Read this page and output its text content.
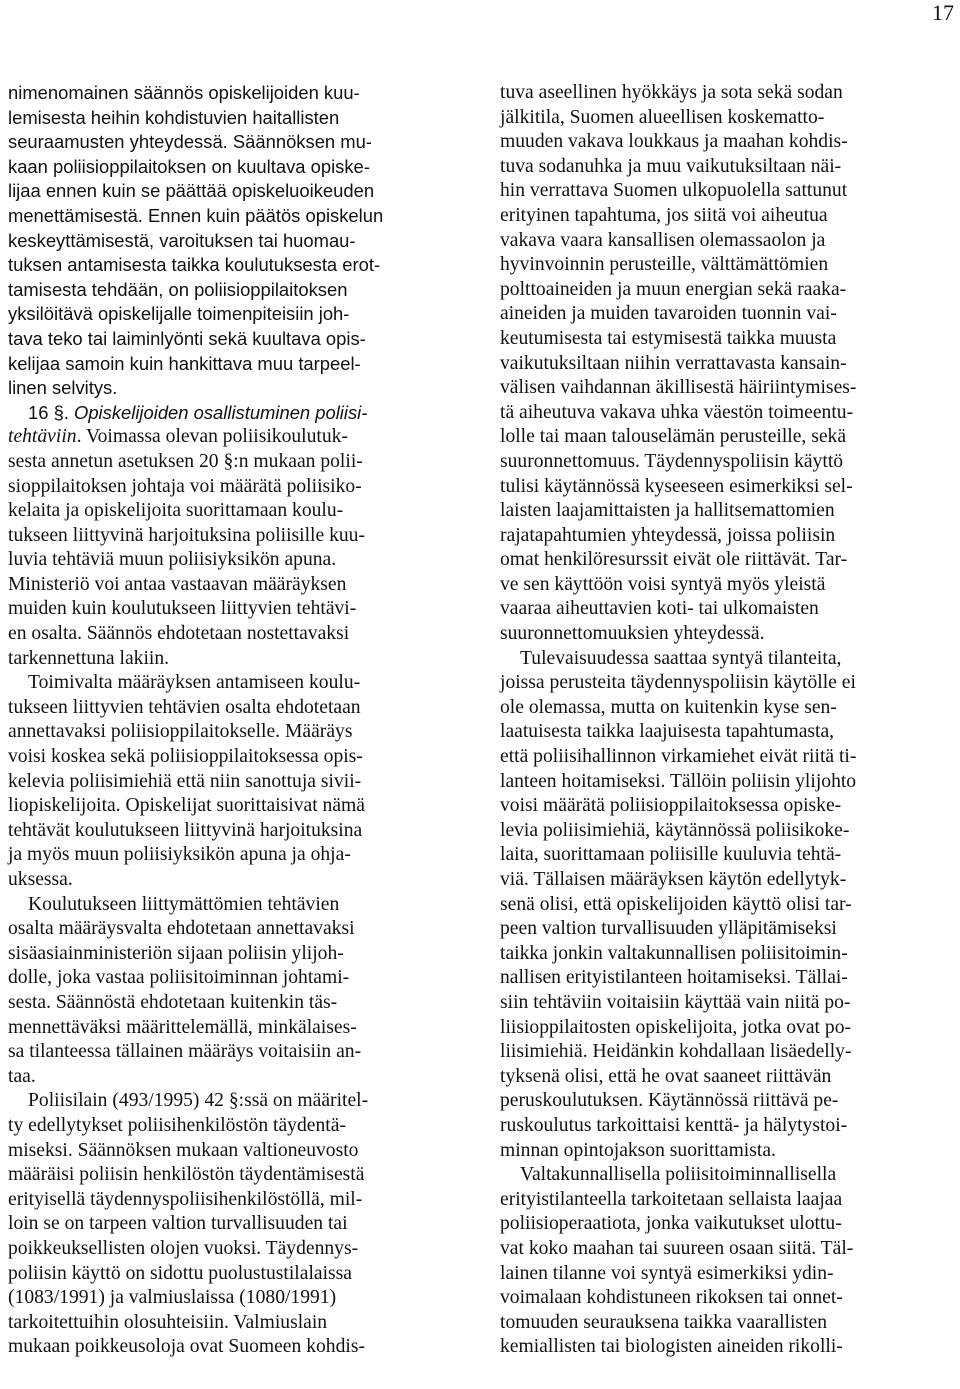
17
nimenomainen säännös opiskelijoiden kuu-
lemisesta heihin kohdistuvien haitallisten
seuraamusten yhteydessä. Säännöksen mu-
kaan poliisioppilaitoksen on kuultava opiske-
lijaa ennen kuin se päättää opiskeluoikeuden
menettämisestä. Ennen kuin päätös opiskelun
keskeyttämisestä, varoituksen tai huomau-
tuksen antamisesta taikka koulutuksesta erot-
tamisesta tehdään, on poliisioppilaitoksen
yksilöitävä opiskelijalle toimenpiteisiin joh-
tava teko tai laiminlyönti sekä kuultava opis-
kelijaa samoin kuin hankittava muu tarpeel-
linen selvitys.
16 §. Opiskelijoiden osallistuminen poliisi-
tehtäviin. Voimassa olevan poliisikoulutuk-
sesta annetun asetuksen 20 §:n mukaan polii-
sioppilaitoksen johtaja voi määrätä poliisiko-
kelaita ja opiskelijoita suorittamaan koulu-
tukseen liittyvinä harjoituksina poliisille kuu-
luvia tehtäviä muun poliisiyksikön apuna.
Ministeriö voi antaa vastaavan määräyksen
muiden kuin koulutukseen liittyvien tehtävi-
en osalta. Säännös ehdotetaan nostettavaksi
tarkennettuna lakiin.
Toimivalta määräyksen antamiseen koulu-
tukseen liittyvien tehtävien osalta ehdotetaan
annettavaksi poliisioppilaitokselle. Määräys
voisi koskea sekä poliisioppilaitoksessa opis-
kelevia poliisimiehiä että niin sanottuja sivii-
liopiskelijoita. Opiskelijat suorittaisivat nämä
tehtävät koulutukseen liittyvinä harjoituksina
ja myös muun poliisiyksikön apuna ja ohja-
uksessa.
Koulutukseen liittymättömien tehtävien
osalta määräysvalta ehdotetaan annettavaksi
sisäasiainministeriön sijaan poliisin ylijoh-
dolle, joka vastaa poliisitoiminnan johtami-
sesta. Säännöstä ehdotetaan kuitenkin täs-
mennettäväksi määrittelemällä, minkälaises-
sa tilanteessa tällainen määräys voitaisiin an-
taa.
Poliisilain (493/1995) 42 §:ssä on määritel-
ty edellytykset poliisihenkilöstön täydentä-
miseksi. Säännöksen mukaan valtioneuvosto
määräisi poliisin henkilöstön täydentämisestä
erityisellä täydennyspoliisihenkilöstöllä, mil-
loin se on tarpeen valtion turvallisuuden tai
poikkeuksellisten olojen vuoksi. Täydennys-
poliisin käyttö on sidottu puolustustilalaissa
(1083/1991) ja valmiuslaissa (1080/1991)
tarkoitettuihin olosuhteisiin. Valmiuslain
mukaan poikkeusoloja ovat Suomeen kohdis-
tuva aseellinen hyökkäys ja sota sekä sodan
jälkitila, Suomen alueellisen koskematto-
muuden vakava loukkaus ja maahan kohdis-
tuva sodanuhka ja muu vaikutuksiltaan näi-
hin verrattava Suomen ulkopuolella sattunut
erityinen tapahtuma, jos siitä voi aiheutua
vakava vaara kansallisen olemassaolon ja
hyvinvoinnin perusteille, välttämättömien
polttoaineiden ja muun energian sekä raaka-
aineiden ja muiden tavaroiden tuonnin vai-
keutumisesta tai estymisestä taikka muusta
vaikutuksiltaan niihin verrattavasta kansain-
välisen vaihdannan äkillisestä häiriintymises-
tä aiheutuva vakava uhka väestön toimeentu-
lolle tai maan talouselämän perusteille, sekä
suuronnettomuus. Täydennyspoliisin käyttö
tulisi käytännössä kyseeseen esimerkiksi sel-
laisten laajamittaisten ja hallitsemattomien
rajatapahtumien yhteydessä, joissa poliisin
omat henkilöresurssit eivät ole riittävät. Tar-
ve sen käyttöön voisi syntyä myös yleistä
vaaraa aiheuttavien koti- tai ulkomaisten
suuronnettomuuksien yhteydessä.
Tulevaisuudessa saattaa syntyä tilanteita,
joissa perusteita täydennyspoliisin käytölle ei
ole olemassa, mutta on kuitenkin kyse sen-
laatuisesta taikka laajuisesta tapahtumasta,
että poliisihallinnon virkamiehet eivät riitä ti-
lanteen hoitamiseksi. Tällöin poliisin ylijohto
voisi määrätä poliisioppilaitoksessa opiske-
levia poliisimiehiä, käytännössä poliisikoke-
laita, suorittamaan poliisille kuuluvia tehtä-
viä. Tällaisen määräyksen käytön edellytyk-
senä olisi, että opiskelijoiden käyttö olisi tar-
peen valtion turvallisuuden ylläpitämiseksi
taikka jonkin valtakunnallisen poliisitoimin-
nallisen erityistilanteen hoitamiseksi. Tällai-
siin tehtäviin voitaisiin käyttää vain niitä po-
liisioppilaitosten opiskelijoita, jotka ovat po-
liisimiehiä. Heidänkin kohdallaan lisäedelly-
tyksenä olisi, että he ovat saaneet riittävän
peruskoulutuksen. Käytännössä riittävä pe-
ruskoulutus tarkoittaisi kenttä- ja hälytystoi-
minnan opintojakson suorittamista.
Valtakunnallisella poliisitoiminnallisella
erityistilanteella tarkoitetaan sellaista laajaa
poliisioperaatiota, jonka vaikutukset ulottu-
vat koko maahan tai suureen osaan siitä. Täl-
lainen tilanne voi syntyä esimerkiksi ydin-
voimalaan kohdistuneen rikoksen tai onnet-
tomuuden seurauksena taikka vaarallisten
kemiallisten tai biologisten aineiden rikolli-
